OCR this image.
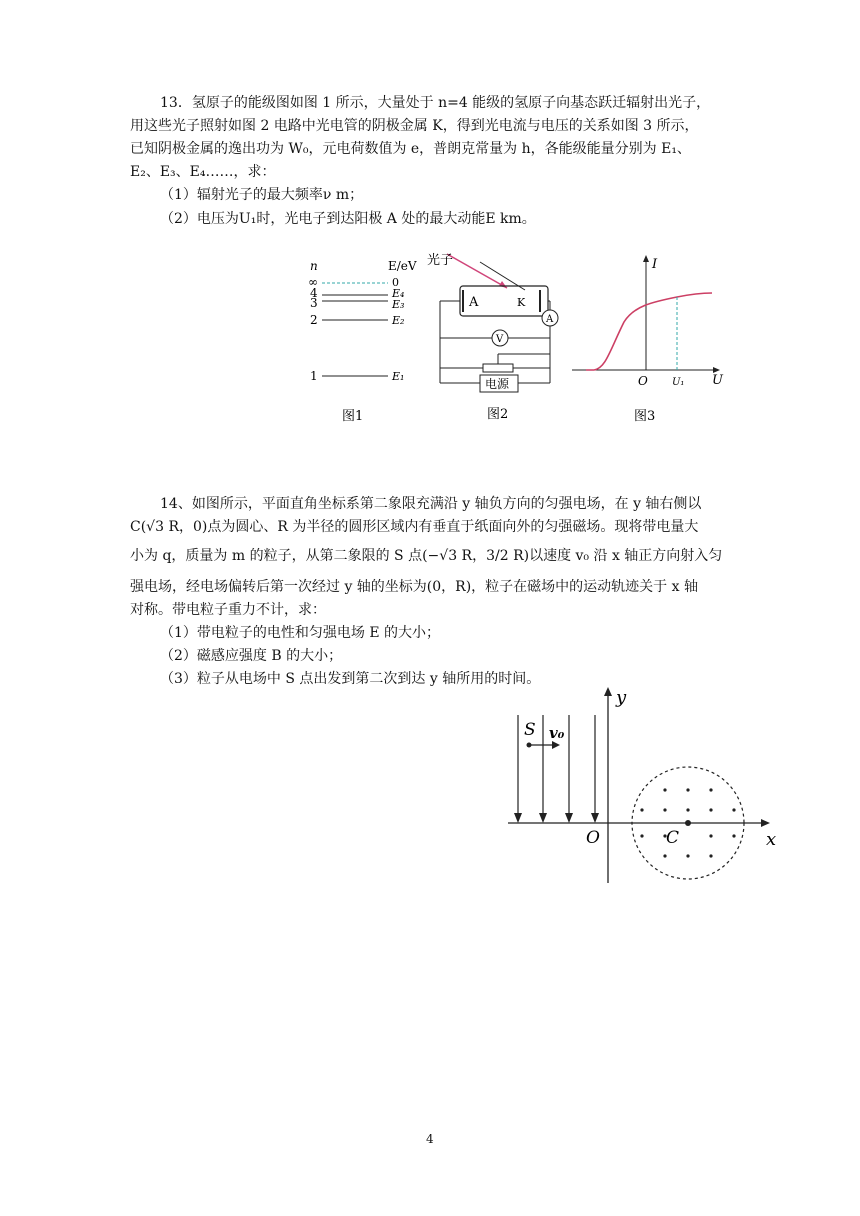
13．氢原子的能级图如图 1 所示，大量处于 n=4 能级的氢原子向基态跃迁辐射出光子，
用这些光子照射如图 2 电路中光电管的阴极金属 K，得到光电流与电压的关系如图 3 所示，
已知阴极金属的逸出功为 W₀，元电荷数值为 e，普朗克常量为 h，各能级能量分别为 E₁、
E₂、E₃、E₄……，求：
（1）辐射光子的最大频率ν m；
（2）电压为U₁时，光电子到达阳极 A 处的最大动能E km。
n	E/eV
∞
4
3
2
1
0
E₄
E₃
E₂
E₁
图1
光子
A	K
A
V
电源
图2
I
U
O U₁
图3
14、如图所示，平面直角坐标系第二象限充满沿 y 轴负方向的匀强电场，在 y 轴右侧以
C(√3 R，0)点为圆心、R 为半径的圆形区域内有垂直于纸面向外的匀强磁场。现将带电量大
小为 q，质量为 m 的粒子，从第二象限的 S 点(−√3 R，3/2 R)以速度 v₀ 沿 x 轴正方向射入匀
强电场，经电场偏转后第一次经过 y 轴的坐标为(0，R)，粒子在磁场中的运动轨迹关于 x 轴
对称。带电粒子重力不计，求：
（1）带电粒子的电性和匀强电场 E 的大小；
（2）磁感应强度 B 的大小；
（3）粒子从电场中 S 点出发到第二次到达 y 轴所用的时间。
y
x
O
S v₀
C
4
